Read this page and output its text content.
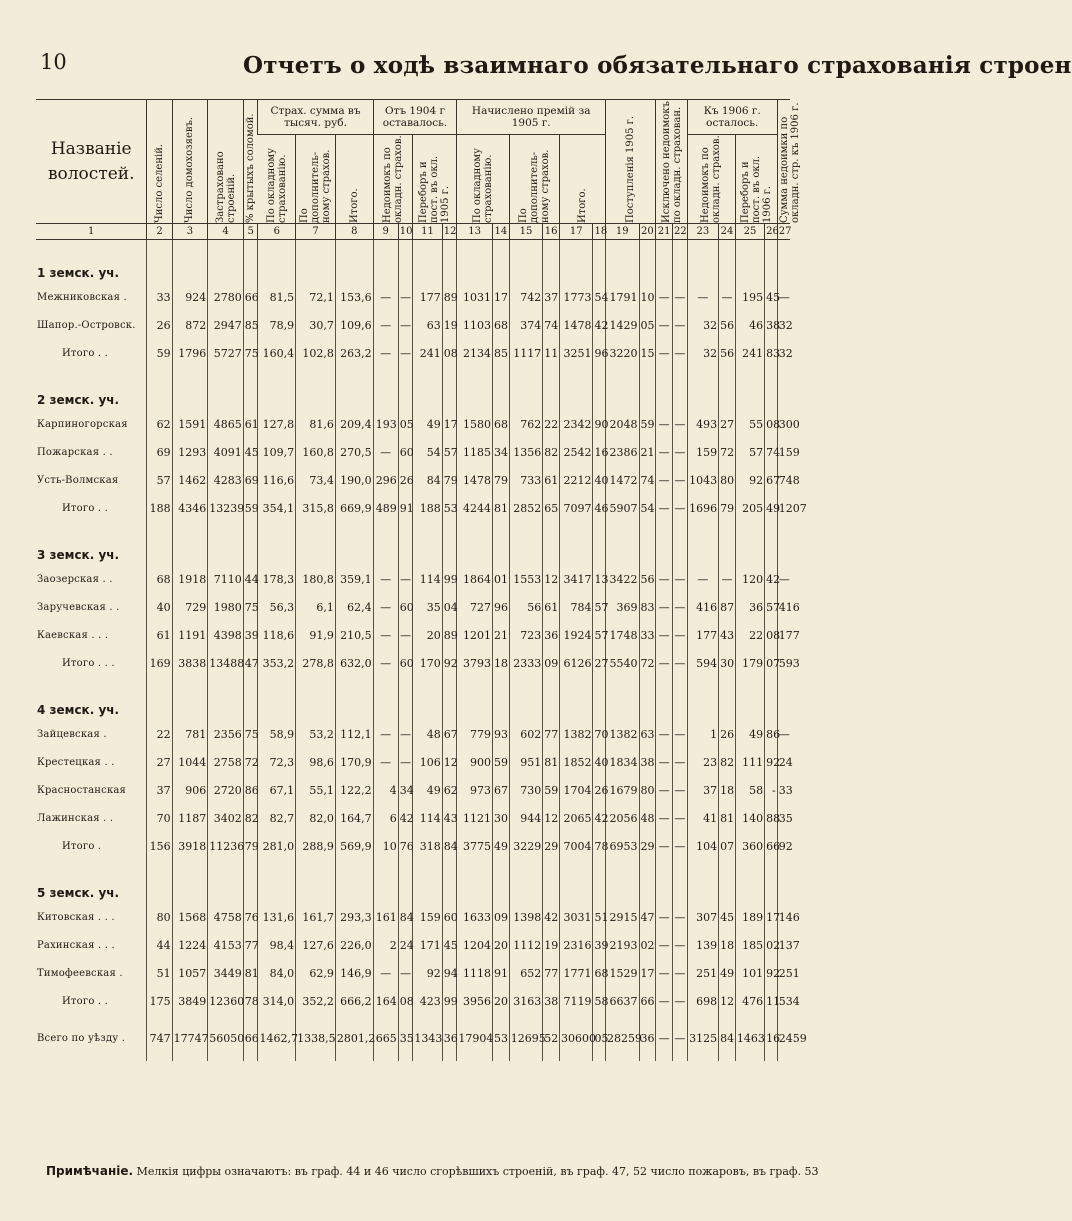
10	Отчетъ о ходѣ взаимнаго обязательнаго страхованія строен
Названіе волостей.	Число селеній.	Число домохозяевъ.	Застраховано строеній.	% крытыхъ соломой.	Страх. сумма въ тысяч. руб.			Отъ 1904 г оставалось.				Начислено премій за 1905 г.						Поступленія 1905 г.		Исключено недоимокъ по окладн. страхован.		Къ 1906 г. осталось.				Сумма недоимки по окладн. стр. къ 1906 г.

					По окладному страхованію.	По дополнитель-ному страхов.	Итого.	Недоимокъ по окладн. страхов.		Переборъ и пост. въ окл. 1905 г.		По окладному страхованію.		По дополнитель-ному страхов.		Итого.						Недоимокъ по окладн. страхов.		Переборъ и пост. въ окл. 1906 г.		

1	2	3	4	5	6	7	8	9	10	11	12	13	14	15	16	17	18	19	20	21	22	23	24	25	26	27
1 земск. уч.																										
Межниковская .	33	924	2780	66	81,5	72,1	153,6	—	—	177	89	1031	17	742	37	1773	54	1791	10	—	—	—	—	195	45	—
Шапор.-Островск.	26	872	2947	85	78,9	30,7	109,6	—	—	63	19	1103	68	374	74	1478	42	1429	05	—	—	32	56	46	38	32
Итого . .	59	1796	5727	75	160,4	102,8	263,2	—	—	241	08	2134	85	1117	11	3251	96	3220	15	—	—	32	56	241	83	32
2 земск. уч.																										
Карпиногорская	62	1591	4865	61	127,8	81,6	209,4	193	05	49	17	1580	68	762	22	2342	90	2048	59	—	—	493	27	55	08	300
Пожарская . .	69	1293	4091	45	109,7	160,8	270,5	—	60	54	57	1185	34	1356	82	2542	16	2386	21	—	—	159	72	57	74	159
Усть-Волмская	57	1462	4283	69	116,6	73,4	190,0	296	26	84	79	1478	79	733	61	2212	40	1472	74	—	—	1043	80	92	67	748
Итого . .	188	4346	13239	59	354,1	315,8	669,9	489	91	188	53	4244	81	2852	65	7097	46	5907	54	—	—	1696	79	205	49	1207
3 земск. уч.																										
Заозерская . .	68	1918	7110	44	178,3	180,8	359,1	—	—	114	99	1864	01	1553	12	3417	13	3422	56	—	—	—	—	120	42	—
Заручевская . .	40	729	1980	75	56,3	6,1	62,4	—	60	35	04	727	96	56	61	784	57	369	83	—	—	416	87	36	57	416
Каевская . . .	61	1191	4398	39	118,6	91,9	210,5	—	—	20	89	1201	21	723	36	1924	57	1748	33	—	—	177	43	22	08	177
Итого . . .	169	3838	13488	47	353,2	278,8	632,0	—	60	170	92	3793	18	2333	09	6126	27	5540	72	—	—	594	30	179	07	593
4 земск. уч.																										
Зайцевская .	22	781	2356	75	58,9	53,2	112,1	—	—	48	67	779	93	602	77	1382	70	1382	63	—	—	1	26	49	86	—
Крестецкая . .	27	1044	2758	72	72,3	98,6	170,9	—	—	106	12	900	59	951	81	1852	40	1834	38	—	—	23	82	111	92	24
Красностанская	37	906	2720	86	67,1	55,1	122,2	4	34	49	62	973	67	730	59	1704	26	1679	80	—	—	37	18	58	-	33
Лажинская . .	70	1187	3402	82	82,7	82,0	164,7	6	42	114	43	1121	30	944	12	2065	42	2056	48	—	—	41	81	140	88	35
Итого .	156	3918	11236	79	281,0	288,9	569,9	10	76	318	84	3775	49	3229	29	7004	78	6953	29	—	—	104	07	360	66	92
5 земск. уч.																										
Китовская . . .	80	1568	4758	76	131,6	161,7	293,3	161	84	159	60	1633	09	1398	42	3031	51	2915	47	—	—	307	45	189	17	146
Рахинская . . .	44	1224	4153	77	98,4	127,6	226,0	2	24	171	45	1204	20	1112	19	2316	39	2193	02	—	—	139	18	185	02	137
Тимофеевская .	51	1057	3449	81	84,0	62,9	146,9	—	—	92	94	1118	91	652	77	1771	68	1529	17	—	—	251	49	101	92	251
Итого . .	175	3849	12360	78	314,0	352,2	666,2	164	08	423	99	3956	20	3163	38	7119	58	6637	66	—	—	698	12	476	11	534
Всего по уѣзду .	747	17747	56050	66	1462,7	1338,5	2801,2	665	35	1343	36	17904	53	12695	52	30600	05	28259	36	—	—	3125	84	1463	16	2459
Примѣчаніе. Мелкія цифры означаютъ: въ граф. 44 и 46 число сгорѣвшихъ строеній, въ граф. 47, 52 число пожаровъ, въ граф. 53
